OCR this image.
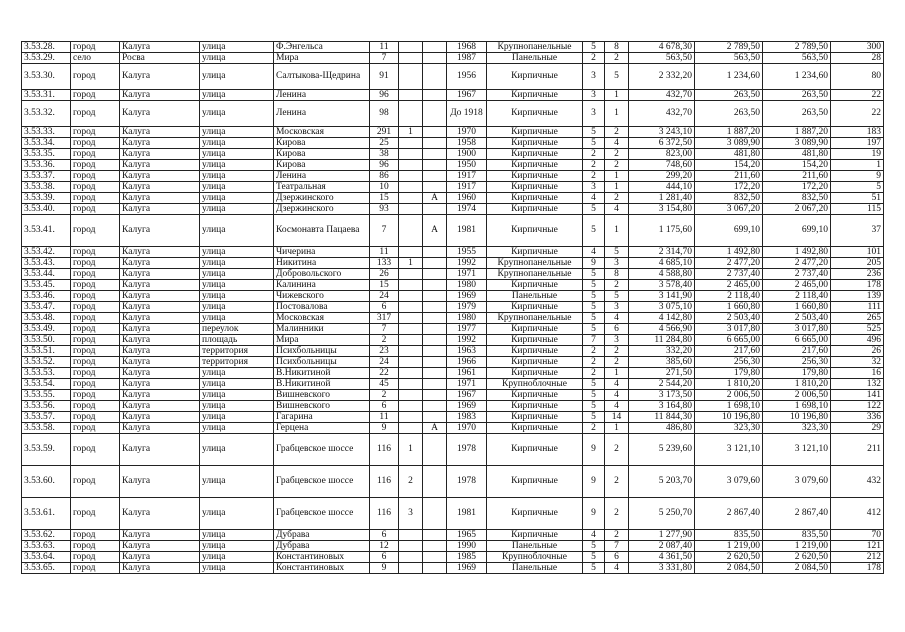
3.53.28.	город	Калуга	улица	Ф.Энгельса	11			1968	Крупнопанельные	5	8	4 678,30	2 789,50	2 789,50	300
3.53.29.	село	Росва	улица	Мира	7			1987	Панельные	2	2	563,50	563,50	563,50	28
3.53.30.	город	Калуга	улица	Салтыкова-Щедрина	91			1956	Кирпичные	3	5	2 332,20	1 234,60	1 234,60	80
3.53.31.	город	Калуга	улица	Ленина	96			1967	Кирпичные	3	1	432,70	263,50	263,50	22
3.53.32.	город	Калуга	улица	Ленина	98			До 1918	Кирпичные	3	1	432,70	263,50	263,50	22
3.53.33.	город	Калуга	улица	Московская	291	1		1970	Кирпичные	5	2	3 243,10	1 887,20	1 887,20	183
3.53.34.	город	Калуга	улица	Кирова	25			1958	Кирпичные	5	4	6 372,50	3 089,90	3 089,90	197
3.53.35.	город	Калуга	улица	Кирова	38			1900	Кирпичные	2	2	823,00	481,80	481,80	19
3.53.36.	город	Калуга	улица	Кирова	96			1950	Кирпичные	2	2	748,60	154,20	154,20	1
3.53.37.	город	Калуга	улица	Ленина	86			1917	Кирпичные	2	1	299,20	211,60	211,60	9
3.53.38.	город	Калуга	улица	Театральная	10			1917	Кирпичные	3	1	444,10	172,20	172,20	5
3.53.39.	город	Калуга	улица	Дзержинского	15		А	1960	Кирпичные	4	2	1 281,40	832,50	832,50	51
3.53.40.	город	Калуга	улица	Дзержинского	93			1974	Кирпичные	5	4	3 154,80	3 067,20	2 067,20	115
3.53.41.	город	Калуга	улица	Космонавта Пацаева	7		А	1981	Кирпичные	5	1	1 175,60	699,10	699,10	37
3.53.42.	город	Калуга	улица	Чичерина	11			1955	Кирпичные	4	5	2 314,70	1 492,80	1 492,80	101
3.53.43.	город	Калуга	улица	Никитина	133	1		1992	Крупнопанельные	9	3	4 685,10	2 477,20	2 477,20	205
3.53.44.	город	Калуга	улица	Добровольского	26			1971	Крупнопанельные	5	8	4 588,80	2 737,40	2 737,40	236
3.53.45.	город	Калуга	улица	Калинина	15			1980	Кирпичные	5	2	3 578,40	2 465,00	2 465,00	178
3.53.46.	город	Калуга	улица	Чижевского	24			1969	Панельные	5	5	3 141,90	2 118,40	2 118,40	139
3.53.47.	город	Калуга	улица	Постовалова	6			1979	Кирпичные	5	3	3 075,10	1 660,80	1 660,80	111
3.53.48.	город	Калуга	улица	Московская	317			1980	Крупнопанельные	5	4	4 142,80	2 503,40	2 503,40	265
3.53.49.	город	Калуга	переулок	Малинники	7			1977	Кирпичные	5	6	4 566,90	3 017,80	3 017,80	525
3.53.50.	город	Калуга	площадь	Мира	2			1992	Кирпичные	7	3	11 284,80	6 665,00	6 665,00	496
3.53.51.	город	Калуга	территория	Психбольницы	23			1963	Кирпичные	2	2	332,20	217,60	217,60	26
3.53.52.	город	Калуга	территория	Психбольницы	24			1966	Кирпичные	2	2	385,60	256,30	256,30	32
3.53.53.	город	Калуга	улица	В.Никитиной	22			1961	Кирпичные	2	1	271,50	179,80	179,80	16
3.53.54.	город	Калуга	улица	В.Никитиной	45			1971	Крупноблочные	5	4	2 544,20	1 810,20	1 810,20	132
3.53.55.	город	Калуга	улица	Вишневского	2			1967	Кирпичные	5	4	3 173,50	2 006,50	2 006,50	141
3.53.56.	город	Калуга	улица	Вишневского	6			1969	Кирпичные	5	4	3 164,80	1 698,10	1 698,10	122
3.53.57.	город	Калуга	улица	Гагарина	11			1983	Кирпичные	5	14	11 844,30	10 196,80	10 196,80	336
3.53.58.	город	Калуга	улица	Герцена	9		А	1970	Кирпичные	2	1	486,80	323,30	323,30	29
3.53.59.	город	Калуга	улица	Грабцевское шоссе	116	1		1978	Кирпичные	9	2	5 239,60	3 121,10	3 121,10	211
3.53.60.	город	Калуга	улица	Грабцевское шоссе	116	2		1978	Кирпичные	9	2	5 203,70	3 079,60	3 079,60	432
3.53.61.	город	Калуга	улица	Грабцевское шоссе	116	3		1981	Кирпичные	9	2	5 250,70	2 867,40	2 867,40	412
3.53.62.	город	Калуга	улица	Дубрава	6			1965	Кирпичные	4	2	1 277,90	835,50	835,50	70
3.53.63.	город	Калуга	улица	Дубрава	12			1990	Панельные	5	7	2 087,40	1 219,00	1 219,00	121
3.53.64.	город	Калуга	улица	Константиновых	6			1985	Крупноблочные	5	6	4 361,50	2 620,50	2 620,50	212
3.53.65.	город	Калуга	улица	Константиновых	9			1969	Панельные	5	4	3 331,80	2 084,50	2 084,50	178
